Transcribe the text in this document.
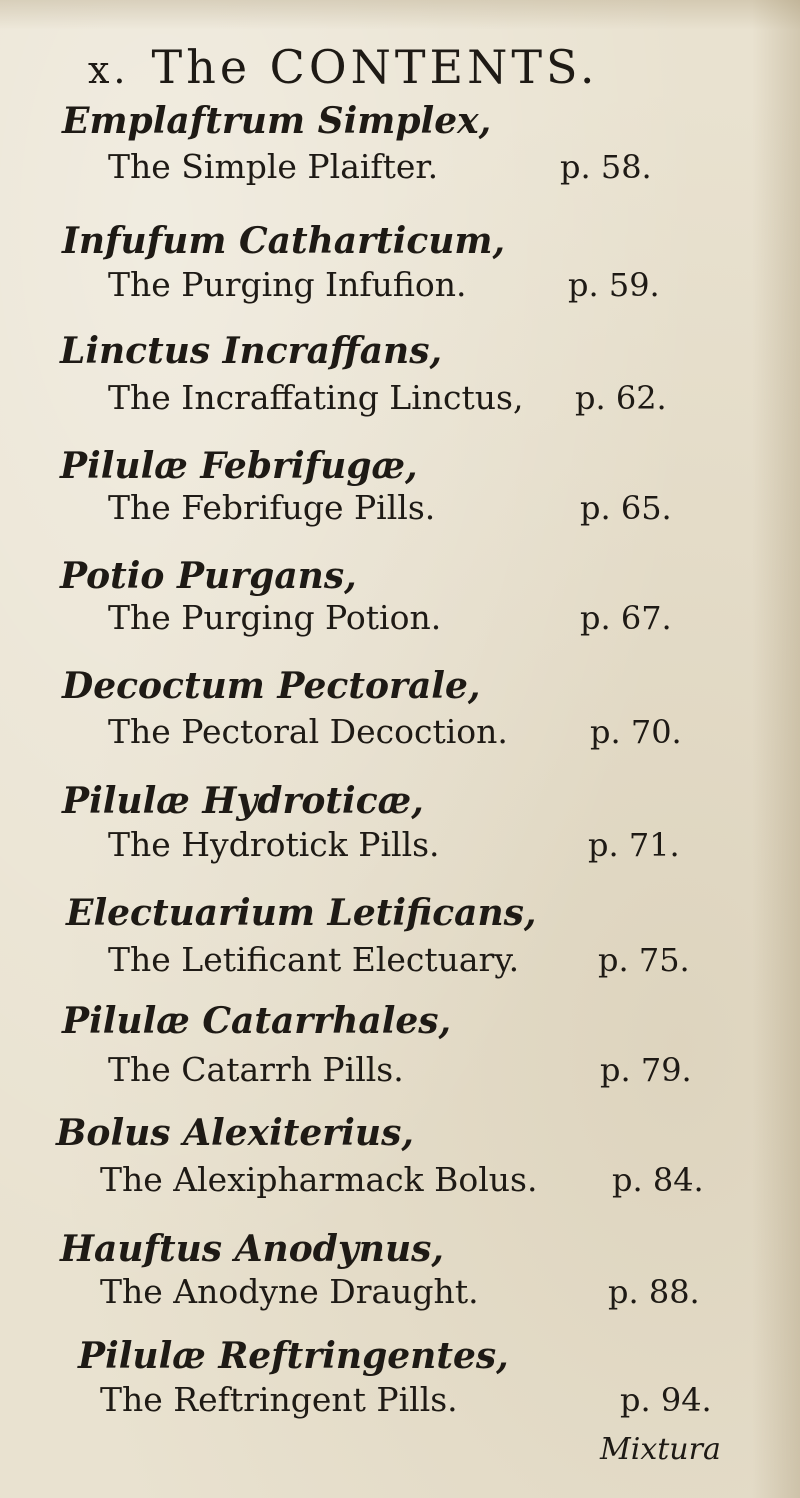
x. The CONTENTS.
Emplaftrum Simplex,
The Simple Plaifter.	p. 58.
Infufum Catharticum,
The Purging Infufion.	p. 59.
Linctus Incraffans,
The Incraffating Linctus, p. 62.
Pilulæ Febrifugæ,
The Febrifuge Pills.	p. 65.
Potio Purgans,
The Purging Potion.	p. 67.
Decoctum Pectorale,
The Pectoral Decoction.	p. 70.
Pilulæ Hydroticæ,
The Hydrotick Pills.	p. 71.
Electuarium Letificans,
The Letificant Electuary. p. 75.
Pilulæ Catarrhales,
The Catarrh Pills.	p. 79.
Bolus Alexiterius,
The Alexipharmack Bolus. p. 84.
Hauftus Anodynus,
The Anodyne Draught.	p. 88.
Pilulæ Reftringentes,
The Reftringent Pills.	p. 94.
Mixtura
